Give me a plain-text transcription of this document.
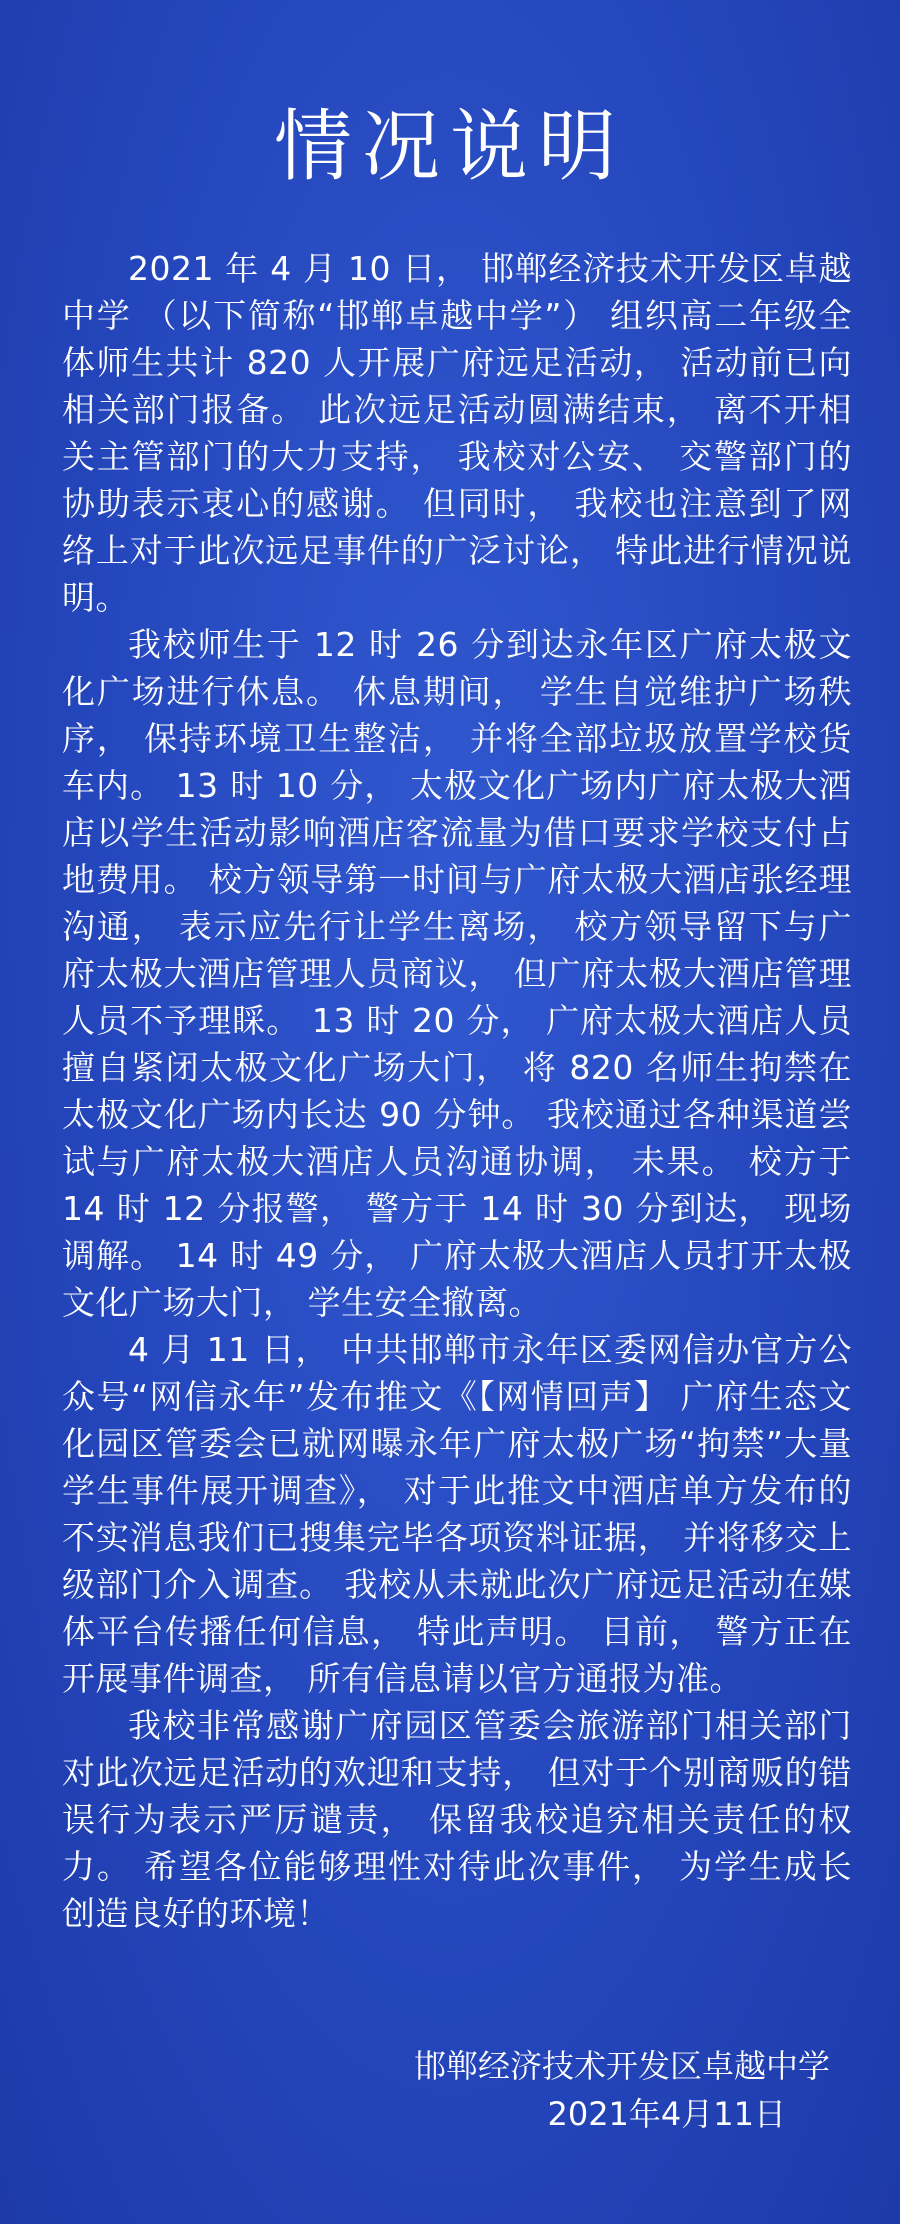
情况说明

2021 年 4 月 10 日， 邯郸经济技术开发区卓越中学 （以下简称“邯郸卓越中学”） 组织高二年级全体师生共计 820 人开展广府远足活动， 活动前已向相关部门报备。 此次远足活动圆满结束， 离不开相关主管部门的大力支持， 我校对公安、 交警部门的协助表示衷心的感谢。 但同时， 我校也注意到了网络上对于此次远足事件的广泛讨论， 特此进行情况说明。

我校师生于 12 时 26 分到达永年区广府太极文化广场进行休息。 休息期间， 学生自觉维护广场秩序， 保持环境卫生整洁， 并将全部垃圾放置学校货车内。 13 时 10 分， 太极文化广场内广府太极大酒店以学生活动影响酒店客流量为借口要求学校支付占地费用。 校方领导第一时间与广府太极大酒店张经理沟通， 表示应先行让学生离场， 校方领导留下与广府太极大酒店管理人员商议， 但广府太极大酒店管理人员不予理睬。 13 时 20 分， 广府太极大酒店人员擅自紧闭太极文化广场大门， 将 820 名师生拘禁在太极文化广场内长达 90 分钟。 我校通过各种渠道尝试与广府太极大酒店人员沟通协调， 未果。 校方于 14 时 12 分报警， 警方于 14 时 30 分到达， 现场调解。 14 时 49 分， 广府太极大酒店人员打开太极文化广场大门， 学生安全撤离。

4 月 11 日， 中共邯郸市永年区委网信办官方公众号“网信永年”发布推文《【网情回声】 广府生态文化园区管委会已就网曝永年广府太极广场“拘禁”大量学生事件展开调查》， 对于此推文中酒店单方发布的不实消息我们已搜集完毕各项资料证据， 并将移交上级部门介入调查。 我校从未就此次广府远足活动在媒体平台传播任何信息， 特此声明。 目前， 警方正在开展事件调查， 所有信息请以官方通报为准。

我校非常感谢广府园区管委会旅游部门相关部门对此次远足活动的欢迎和支持， 但对于个别商贩的错误行为表示严厉谴责， 保留我校追究相关责任的权力。 希望各位能够理性对待此次事件， 为学生成长创造良好的环境！

邯郸经济技术开发区卓越中学
2021年4月11日
